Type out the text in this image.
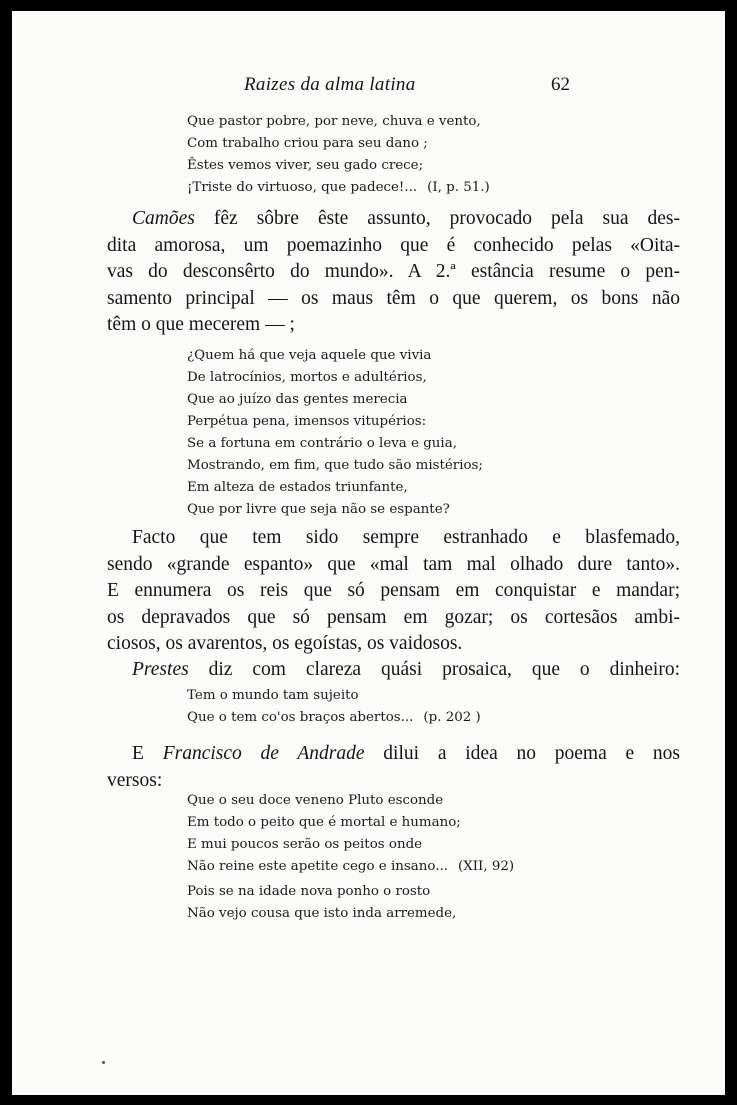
Raizes da alma latina	62
Que pastor pobre, por neve, chuva e vento,
Com trabalho criou para seu dano ;
Êstes vemos viver, seu gado crece;
¡Triste do virtuoso, que padece!... (I, p. 51.)
Camões fêz sôbre êste assunto, provocado pela sua des-
dita amorosa, um poemazinho que é conhecido pelas «Oita-
vas do desconsêrto do mundo». A 2.ª estância resume o pen-
samento principal — os maus têm o que querem, os bons não
têm o que mecerem — ;
¿Quem há que veja aquele que vivia
De latrocínios, mortos e adultérios,
Que ao juízo das gentes merecia
Perpétua pena, imensos vitupérios:
Se a fortuna em contrário o leva e guia,
Mostrando, em fim, que tudo são mistérios;
Em alteza de estados triunfante,
Que por livre que seja não se espante?
Facto que tem sido sempre estranhado e blasfemado,
sendo «grande espanto» que «mal tam mal olhado dure tanto».
E ennumera os reis que só pensam em conquistar e mandar;
os depravados que só pensam em gozar; os cortesãos ambi-
ciosos, os avarentos, os egoístas, os vaidosos.
Prestes diz com clareza quási prosaica, que o dinheiro:
Tem o mundo tam sujeito
Que o tem co'os braços abertos... (p. 202 )
E Francisco de Andrade dilui a idea no poema e nos
versos:
Que o seu doce veneno Pluto esconde
Em todo o peito que é mortal e humano;
E mui poucos serão os peitos onde
Não reine este apetite cego e insano... (XII, 92)
Pois se na idade nova ponho o rosto
Não vejo cousa que isto inda arremede,
